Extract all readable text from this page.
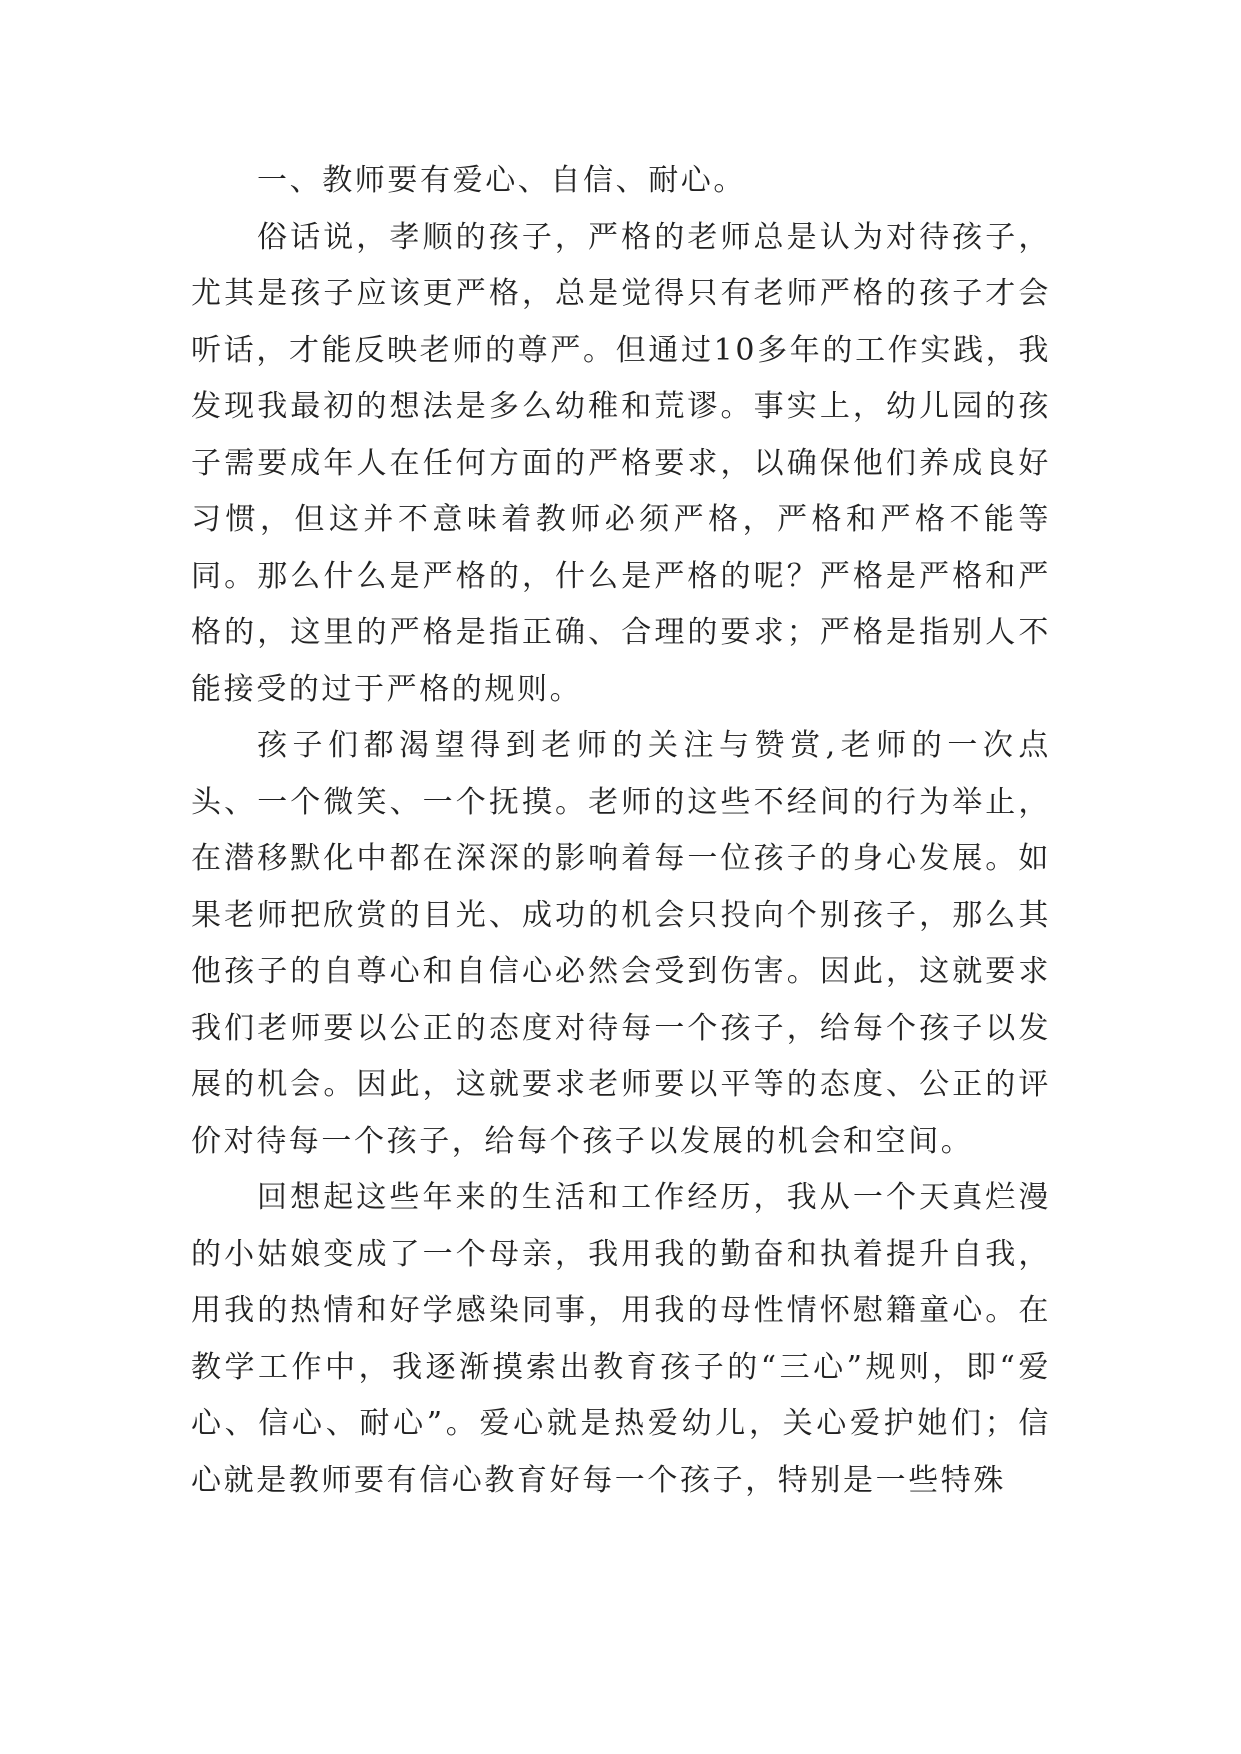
一、教师要有爱心、自信、耐心。

俗话说，孝顺的孩子，严格的老师总是认为对待孩子，尤其是孩子应该更严格，总是觉得只有老师严格的孩子才会听话，才能反映老师的尊严。但通过10多年的工作实践，我发现我最初的想法是多么幼稚和荒谬。事实上，幼儿园的孩子需要成年人在任何方面的严格要求，以确保他们养成良好习惯，但这并不意味着教师必须严格，严格和严格不能等同。那么什么是严格的，什么是严格的呢？严格是严格和严格的，这里的严格是指正确、合理的要求；严格是指别人不能接受的过于严格的规则。

孩子们都渴望得到老师的关注与赞赏,老师的一次点头、一个微笑、一个抚摸。老师的这些不经间的行为举止，在潜移默化中都在深深的影响着每一位孩子的身心发展。如果老师把欣赏的目光、成功的机会只投向个别孩子，那么其他孩子的自尊心和自信心必然会受到伤害。因此，这就要求我们老师要以公正的态度对待每一个孩子，给每个孩子以发展的机会。因此，这就要求老师要以平等的态度、公正的评价对待每一个孩子，给每个孩子以发展的机会和空间。

回想起这些年来的生活和工作经历，我从一个天真烂漫的小姑娘变成了一个母亲，我用我的勤奋和执着提升自我，用我的热情和好学感染同事，用我的母性情怀慰籍童心。在教学工作中，我逐渐摸索出教育孩子的“三心”规则，即“爱心、信心、耐心”。爱心就是热爱幼儿，关心爱护她们；信心就是教师要有信心教育好每一个孩子，特别是一些特殊
